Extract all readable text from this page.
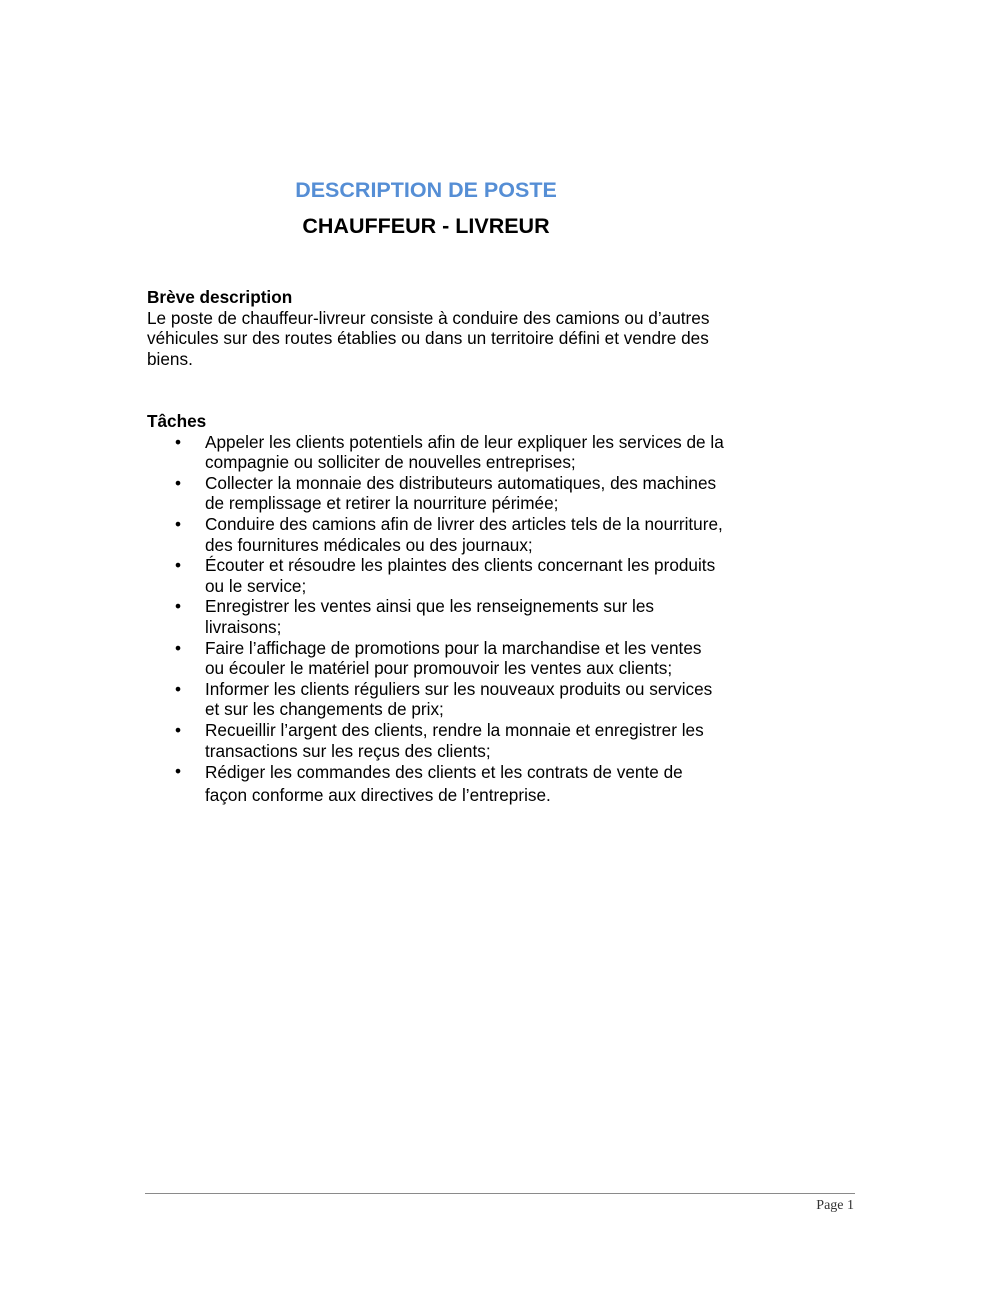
DESCRIPTION DE POSTE
CHAUFFEUR - LIVREUR

Brève description

Le poste de chauffeur-livreur consiste à conduire des camions ou d’autres véhicules sur des routes établies ou dans un territoire défini et vendre des biens.

Tâches

• Appeler les clients potentiels afin de leur expliquer les services de la compagnie ou solliciter de nouvelles entreprises;
• Collecter la monnaie des distributeurs automatiques, des machines de remplissage et retirer la nourriture périmée;
• Conduire des camions afin de livrer des articles tels de la nourriture, des fournitures médicales ou des journaux;
• Écouter et résoudre les plaintes des clients concernant les produits ou le service;
• Enregistrer les ventes ainsi que les renseignements sur les livraisons;
• Faire l’affichage de promotions pour la marchandise et les ventes ou écouler le matériel pour promouvoir les ventes aux clients;
• Informer les clients réguliers sur les nouveaux produits ou services et sur les changements de prix;
• Recueillir l’argent des clients, rendre la monnaie et enregistrer les transactions sur les reçus des clients;
• Rédiger les commandes des clients et les contrats de vente de façon conforme aux directives de l’entreprise.
Page 1
